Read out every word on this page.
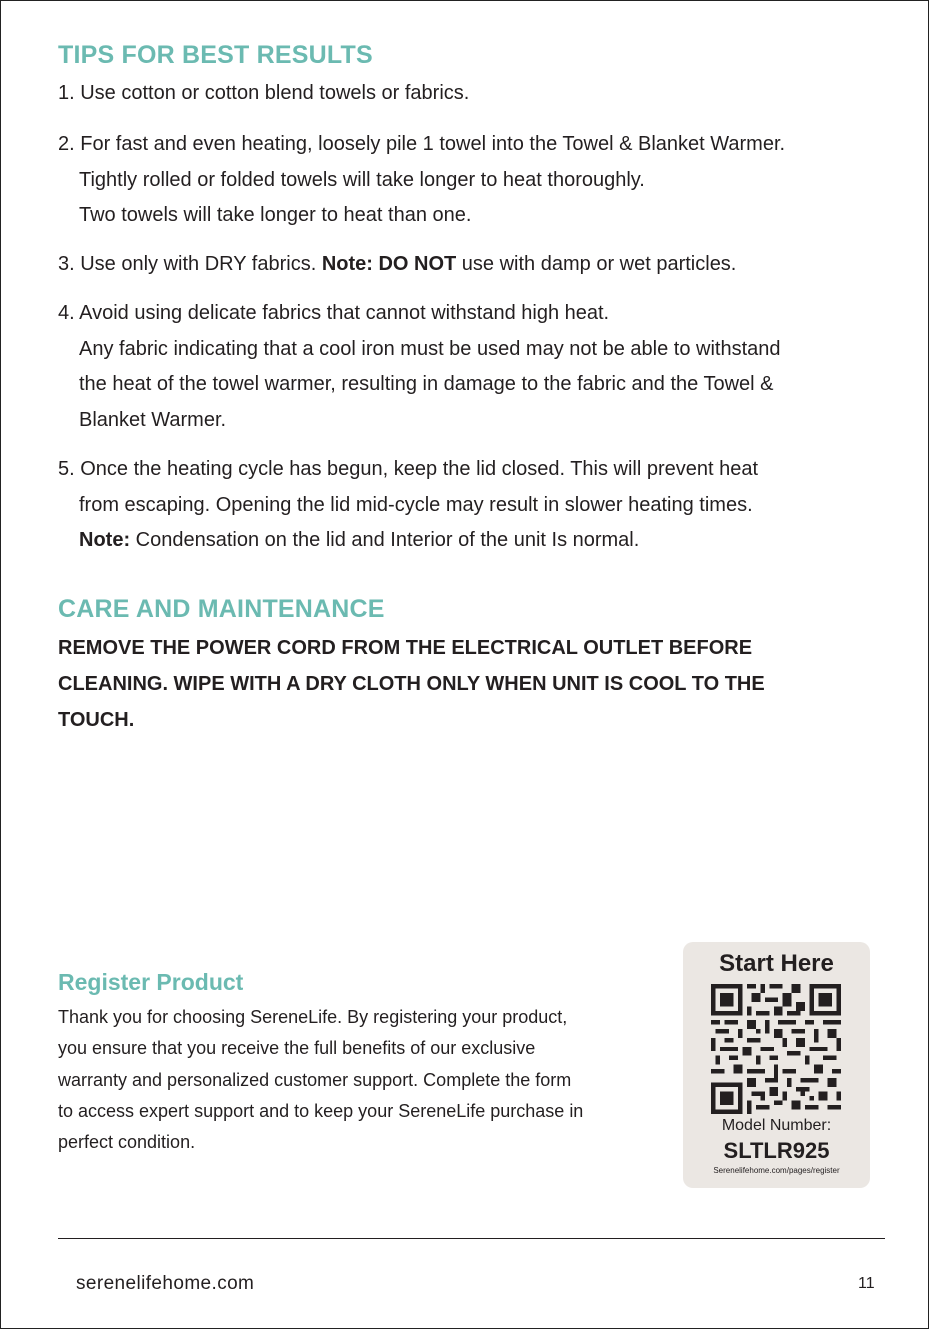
TIPS FOR BEST RESULTS
1. Use cotton or cotton blend towels or fabrics.
2. For fast and even heating, loosely pile 1 towel into the Towel & Blanket Warmer.
Tightly rolled or folded towels will take longer to heat thoroughly.
Two towels will take longer to heat than one.
3. Use only with DRY fabrics. Note: DO NOT use with damp or wet particles.
4. Avoid using delicate fabrics that cannot withstand high heat.
Any fabric indicating that a cool iron must be used may not be able to withstand
the heat of the towel warmer, resulting in damage to the fabric and the Towel &
Blanket Warmer.
5. Once the heating cycle has begun, keep the lid closed. This will prevent heat
from escaping. Opening the lid mid-cycle may result in slower heating times.
Note: Condensation on the lid and Interior of the unit Is normal.
CARE AND MAINTENANCE
REMOVE THE POWER CORD FROM THE ELECTRICAL OUTLET BEFORE
CLEANING. WIPE WITH A DRY CLOTH ONLY WHEN UNIT IS COOL TO THE
TOUCH.
Register Product
Thank you for choosing SereneLife. By registering your product,
you ensure that you receive the full benefits of our exclusive
warranty and personalized customer support. Complete the form
to access expert support and to keep your SereneLife purchase in
perfect condition.
Start Here
Model Number:
SLTLR925
Serenelifehome.com/pages/register
serenelifehome.com	11
